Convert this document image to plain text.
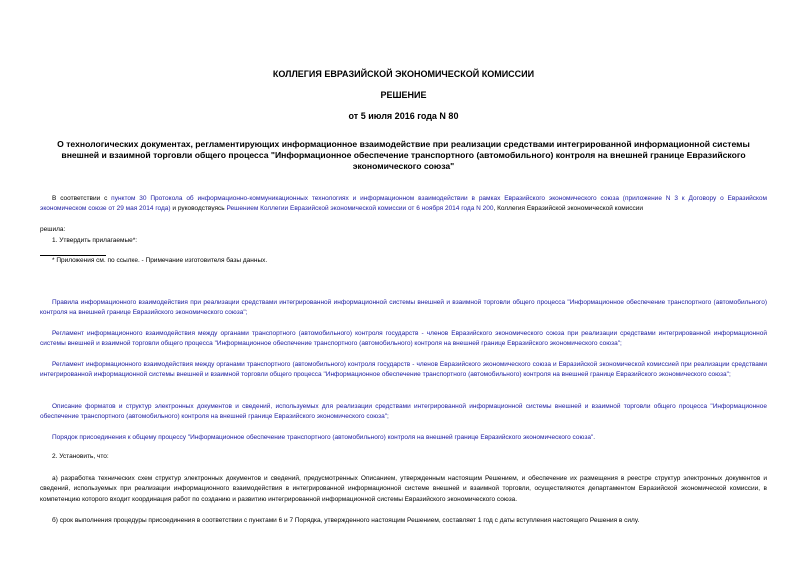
КОЛЛЕГИЯ ЕВРАЗИЙСКОЙ ЭКОНОМИЧЕСКОЙ КОМИССИИ
РЕШЕНИЕ
от 5 июля 2016 года N 80
О технологических документах, регламентирующих информационное взаимодействие при реализации средствами интегрированной информационной системы внешней и взаимной торговли общего процесса "Информационное обеспечение транспортного (автомобильного) контроля на внешней границе Евразийского экономического союза"
В соответствии с пунктом 30 Протокола об информационно-коммуникационных технологиях и информационном взаимодействии в рамках Евразийского экономического союза (приложение N 3 к Договору о Евразийском экономическом союзе от 29 мая 2014 года) и руководствуясь Решением Коллегии Евразийской экономической комиссии от 6 ноября 2014 года N 200, Коллегия Евразийской экономической комиссии
решила:
1. Утвердить прилагаемые*:
* Приложения см. по ссылке. - Примечание изготовителя базы данных.
Правила информационного взаимодействия при реализации средствами интегрированной информационной системы внешней и взаимной торговли общего процесса "Информационное обеспечение транспортного (автомобильного) контроля на внешней границе Евразийского экономического союза";
Регламент информационного взаимодействия между органами транспортного (автомобильного) контроля государств - членов Евразийского экономического союза при реализации средствами интегрированной информационной системы внешней и взаимной торговли общего процесса "Информационное обеспечение транспортного (автомобильного) контроля на внешней границе Евразийского экономического союза";
Регламент информационного взаимодействия между органами транспортного (автомобильного) контроля государств - членов Евразийского экономического союза и Евразийской экономической комиссией при реализации средствами интегрированной информационной системы внешней и взаимной торговли общего процесса "Информационное обеспечение транспортного (автомобильного) контроля на внешней границе Евразийского экономического союза";
Описание форматов и структур электронных документов и сведений, используемых для реализации средствами интегрированной информационной системы внешней и взаимной торговли общего процесса "Информационное обеспечение транспортного (автомобильного) контроля на внешней границе Евразийского экономического союза";
Порядок присоединения к общему процессу "Информационное обеспечение транспортного (автомобильного) контроля на внешней границе Евразийского экономического союза".
2. Установить, что:
а) разработка технических схем структур электронных документов и сведений, предусмотренных Описанием, утвержденным настоящим Решением, и обеспечение их размещения в реестре структур электронных документов и сведений, используемых при реализации информационного взаимодействия в интегрированной информационной системе внешней и взаимной торговли, осуществляются департаментом Евразийской экономической комиссии, в компетенцию которого входит координация работ по созданию и развитию интегрированной информационной системы Евразийского экономического союза.
б) срок выполнения процедуры присоединения в соответствии с пунктами 6 и 7 Порядка, утвержденного настоящим Решением, составляет 1 год с даты вступления настоящего Решения в силу.
